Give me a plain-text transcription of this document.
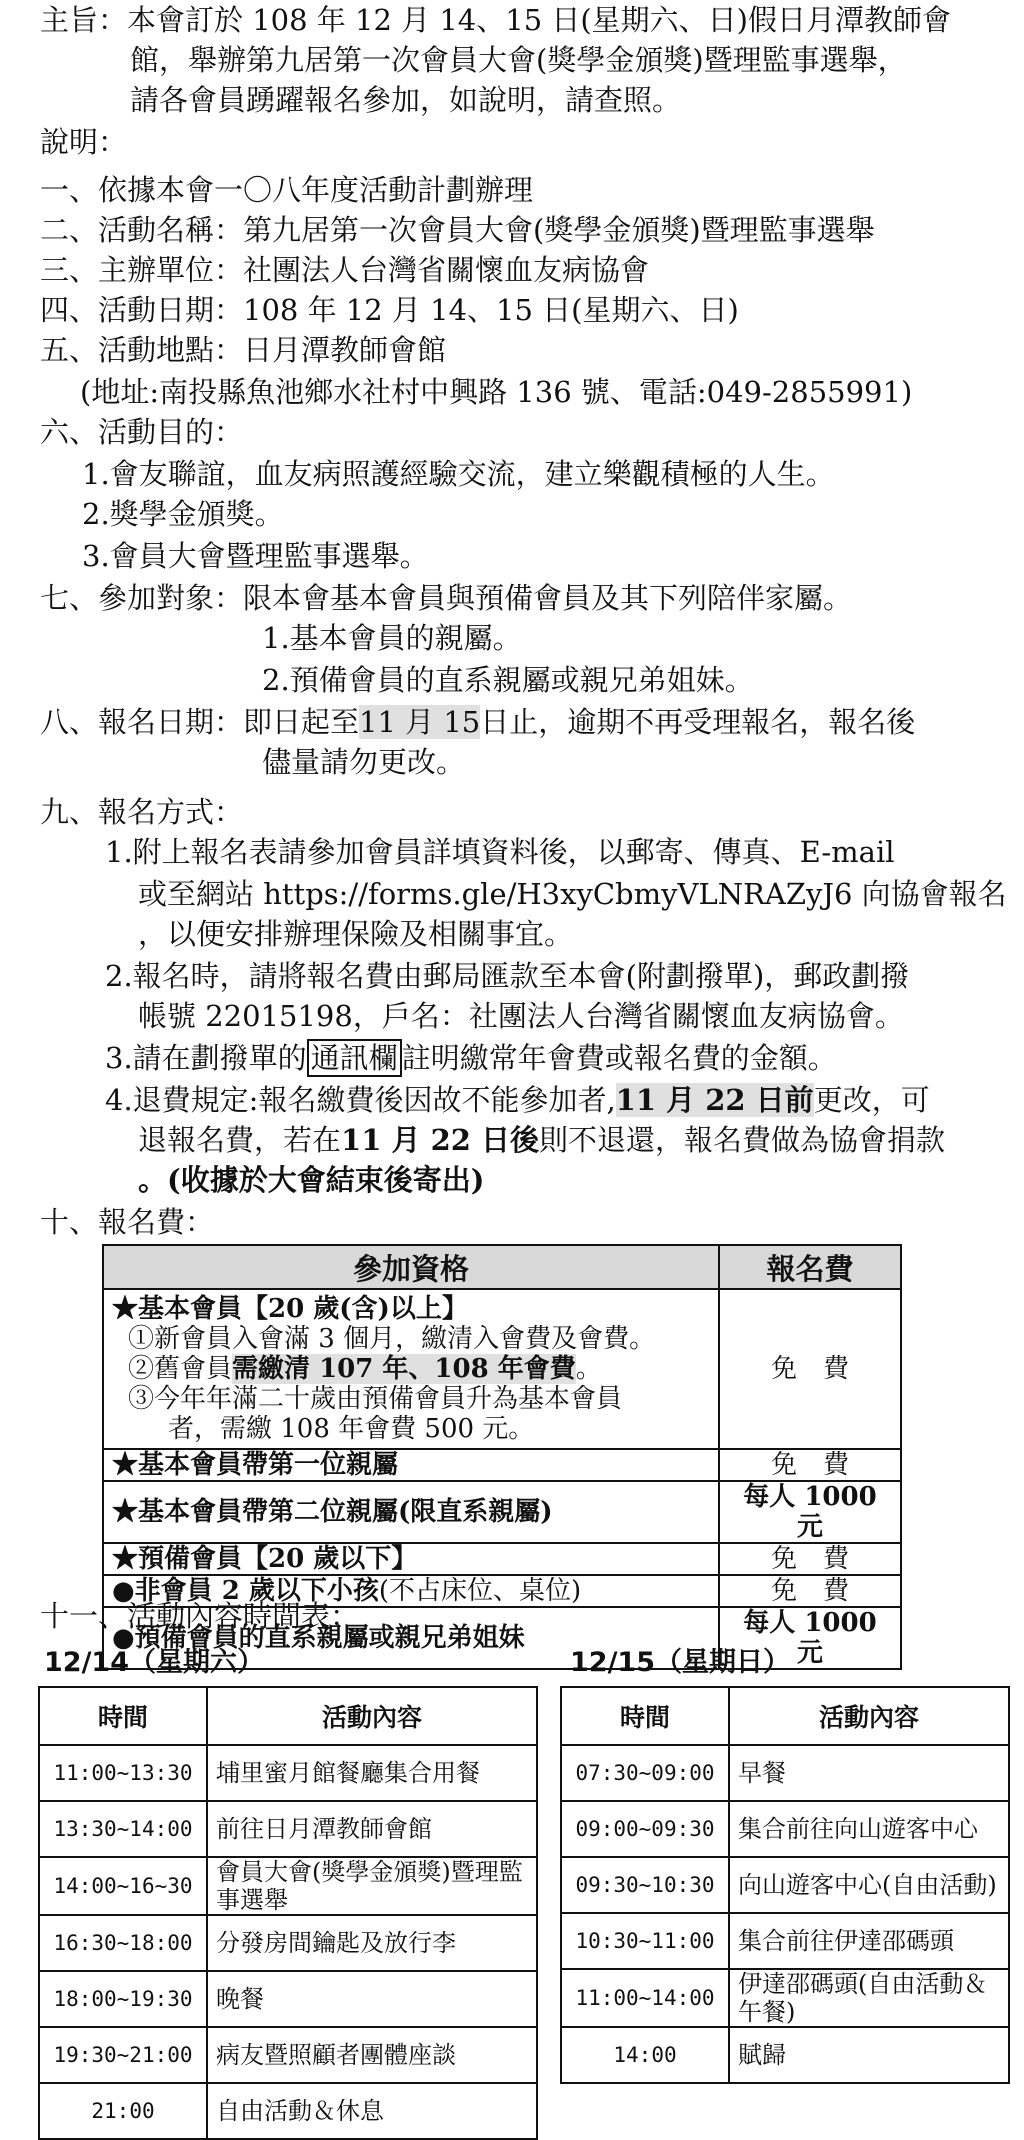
主旨：本會訂於 108 年 12 月 14、15 日(星期六、日)假日月潭教師會
館，舉辦第九居第一次會員大會(獎學金頒獎)暨理監事選舉，
請各會員踴躍報名參加，如說明，請查照。
說明：
一、依據本會一〇八年度活動計劃辦理
二、活動名稱：第九居第一次會員大會(獎學金頒獎)暨理監事選舉
三、主辦單位：社團法人台灣省關懷血友病協會
四、活動日期：108 年 12 月 14、15 日(星期六、日)
五、活動地點：日月潭教師會館
(地址:南投縣魚池鄉水社村中興路 136 號、電話:049-2855991)
六、活動目的：
1.會友聯誼，血友病照護經驗交流，建立樂觀積極的人生。
2.獎學金頒獎。
3.會員大會暨理監事選舉。
七、參加對象：限本會基本會員與預備會員及其下列陪伴家屬。
1.基本會員的親屬。
2.預備會員的直系親屬或親兄弟姐妹。
八、報名日期：即日起至11 月 15日止，逾期不再受理報名，報名後
儘量請勿更改。
九、報名方式：
1.附上報名表請參加會員詳填資料後，以郵寄、傳真、E-mail
或至網站 https://forms.gle/H3xyCbmyVLNRAZyJ6 向協會報名
，以便安排辦理保險及相關事宜。
2.報名時，請將報名費由郵局匯款至本會(附劃撥單)，郵政劃撥
帳號 22015198，戶名：社團法人台灣省關懷血友病協會。
3.請在劃撥單的 通訊欄 註明繳常年會費或報名費的金額。
4.退費規定:報名繳費後因故不能參加者,11 月 22 日前更改，可
退報名費，若在11 月 22 日後則不退還，報名費做為協會捐款
。(收據於大會結束後寄出)
十、報名費：
參加資格	報名費

★基本會員【20 歲(含)以上】
①新會員入會滿 3 個月，繳清入會費及會費。
②舊會員需繳清 107 年、108 年會費。
③今年年滿二十歲由預備會員升為基本會員
者，需繳 108 年會費 500 元。	免　費
★基本會員帶第一位親屬	免　費
★基本會員帶第二位親屬(限直系親屬)	每人 1000 元
★預備會員【20 歲以下】	免　費
●非會員 2 歲以下小孩(不占床位、桌位)	免　費
●預備會員的直系親屬或親兄弟姐妹	每人 1000 元
十一、活動內容時間表：
12/14（星期六）	12/15（星期日）
時間	活動內容
11:00~13:30	埔里蜜月館餐廳集合用餐
13:30~14:00	前往日月潭教師會館
14:00~16~30	會員大會(獎學金頒獎)暨理監事選舉
16:30~18:00	分發房間鑰匙及放行李
18:00~19:30	晚餐
19:30~21:00	病友暨照顧者團體座談
21:00	自由活動＆休息
時間	活動內容
07:30~09:00	早餐
09:00~09:30	集合前往向山遊客中心
09:30~10:30	向山遊客中心(自由活動)
10:30~11:00	集合前往伊達邵碼頭
11:00~14:00	伊達邵碼頭(自由活動＆午餐)
14:00	賦歸
